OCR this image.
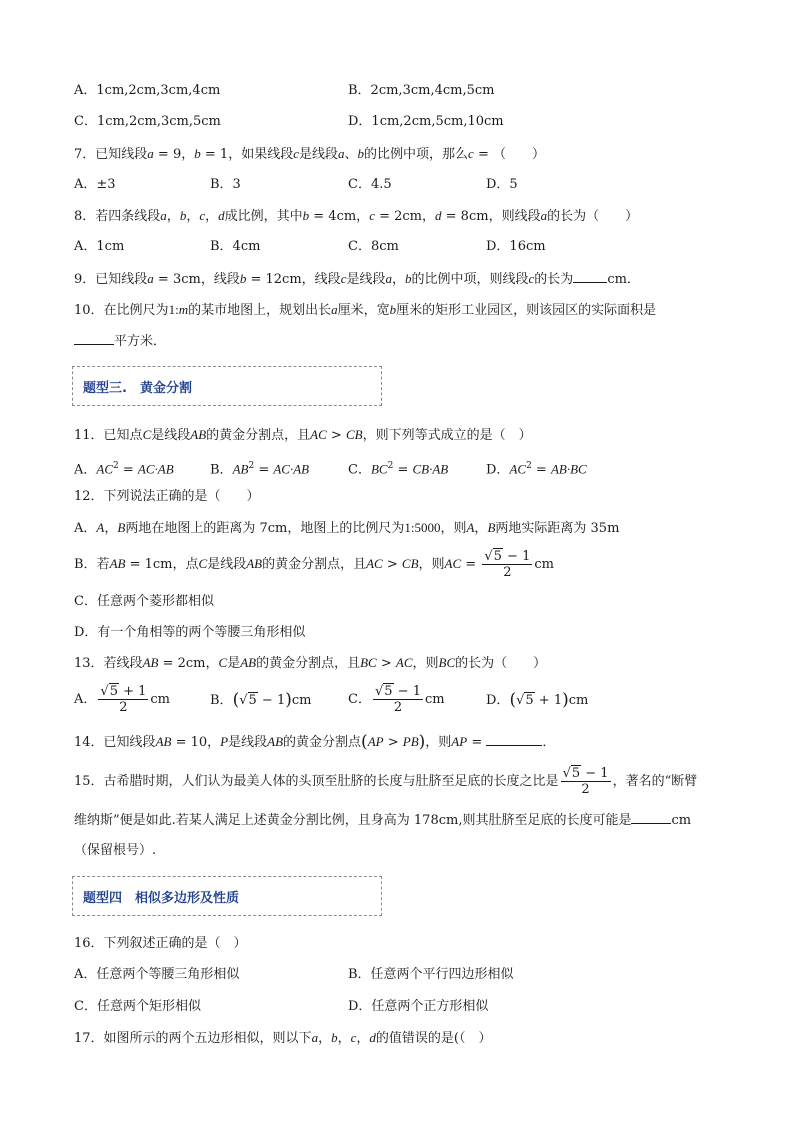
A．1cm,2cm,3cm,4cm	B．2cm,3cm,4cm,5cm
C．1cm,2cm,3cm,5cm	D．1cm,2cm,5cm,10cm
7．已知线段a = 9，b = 1，如果线段c是线段a、b的比例中项，那么c = （　　）
A．±3	B．3	C．4.5	D．5
8．若四条线段a，b，c，d成比例，其中b = 4cm，c = 2cm，d = 8cm，则线段a的长为（　　）
A．1cm	B．4cm	C．8cm	D．16cm
9．已知线段a = 3cm，线段b = 12cm，线段c是线段a，b的比例中项，则线段c的长为	cm．
10．在比例尺为1:m的某市地图上，规划出长a厘米，宽b厘米的矩形工业园区，则该园区的实际面积是
平方米．
题型三.　黄金分割
11．已知点C是线段AB的黄金分割点，且AC > CB，则下列等式成立的是（　）
A．$AC^2 = AC\cdot AB$	B．$AB^2 = AC\cdot AB$	C．$BC^2 = CB\cdot AB$	D．$AC^2 = AB\cdot BC$
12．下列说法正确的是（　　）
A．A，B两地在地图上的距离为 7cm，地图上的比例尺为1:5000，则A，B两地实际距离为 35m
B．若AB = 1cm，点C是线段AB的黄金分割点，且AC > CB，则AC = $\frac{√5 - 1}{2}$ cm
C．任意两个菱形都相似
D．有一个角相等的两个等腰三角形相似
13．若线段AB = 2cm，C是AB的黄金分割点，且BC > AC，则BC的长为（　　）
A． $\frac{√5 + 1}{2}$ cm	B．(√5 − 1)cm	C． $\frac{√5 - 1}{2}$ cm	D．(√5 + 1)cm
14．已知线段AB = 10，P是线段AB的黄金分割点(AP > PB)，则AP =	．
15．古希腊时期，人们认为最美人体的头顶至肚脐的长度与肚脐至足底的长度之比是 $\frac{√5 - 1}{2}$ ，著名的“断臂
维纳斯”便是如此.若某人满足上述黄金分割比例，且身高为 178cm,则其肚脐至足底的长度可能是	cm
（保留根号）.
题型四　相似多边形及性质
16．下列叙述正确的是（　）
A．任意两个等腰三角形相似	B．任意两个平行四边形相似
C．任意两个矩形相似	D．任意两个正方形相似
17．如图所示的两个五边形相似，则以下a，b，c，d的值错误的是(（　）
